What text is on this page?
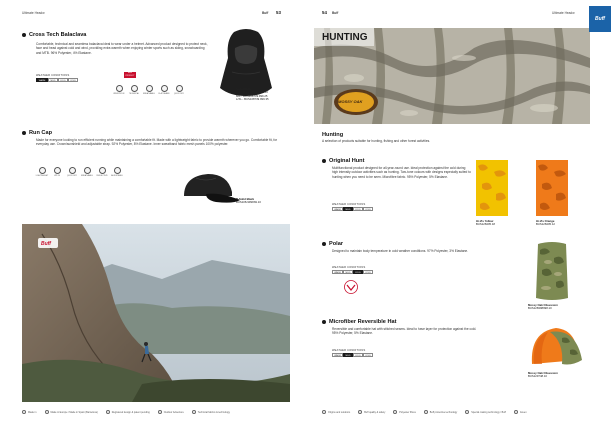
Ultimate Headw	Buff 53
Cross Tech Balaclava
Comfortable, technical and seamless balaclava ideal to wear under a helmet. Advanced product designed to protect neck, face and head against cold and wind, providing extra warmth when enjoying winter sports such as skiing, snowboarding and MTB. 96% Polyester, 4% Elastane.
WEATHER CONDITIONS
WARM	MILD	COOL	COLD
NEW PRODUCT
WINDPROOF TECHNICAL BREATHABLE FLAT SEAMS	QUICK DRY
Solid Black
S/M - BUS108739.999.10
M/L - BUS108739.999.25
L/XL - BUS108739.999.35
Run Cap
Made for everyone looking to run efficient running while maintaining a comfortable fit. Made with a lightweight fabric to provide warmth wherever you go. Comfortable fit, for everyday use. Crown/sunshield and adjustable strap. 92% Polyester, 8% Elastane. Inner sweatband fabric mesh panels 100% polyester.
LIGHTWEIGHT	UPF 50	QUICK DRY BREATHABLE REFLECTIVE ADJUSTABLE
R-Solid Black
BUS108-9999S9.10
Buff
Made in	Made in Europe / Made in Spain (Barcelona)	Registered design & patent pending	Outdoor Adventure	Technical fabrics & technology
54 Buff	Ultimate Headw
HUNTING
MOSSY OAK
Buff
Hunting
A selection of products suitable for hunting, fishing and other forest activities.
Original Hunt
Multifunctional product designed for all-year-round use. Ideal protection against the cold during high intensity outdoor activities such as hunting. Two-tone colours with designs especially suited to hunting when you need to be seen. Microfibre fabric. 95% Polyester, 5% Elastane.
WEATHER CONDITIONS
WARM	MILD	COOL	COLD
Hi-Vis Yellow
BUS128405.18
Hi-Vis Orange
BUS128405.12
Polar
Designed to maintain body temperature in cold weather conditions. 97% Polyester, 3% Elastane.
WEATHER CONDITIONS
WARM	MILD	COOL	COLD
Mossy Oak Obsession
BUS128398998.10
Microfiber Reversible Hat
Reversible and comfortable hat with stitched seams. Ideal to have layer for protection against the cold. 95% Polyester, 5% Elastane.
WEATHER CONDITIONS
WARM	MILD	COOL	COLD
Mossy Oak Obsession
BUS129748.10
Origins and outdoors	Buff quality & safety	Polyester fibres	Buff protective technology	Special coating technology / Buff	Green
